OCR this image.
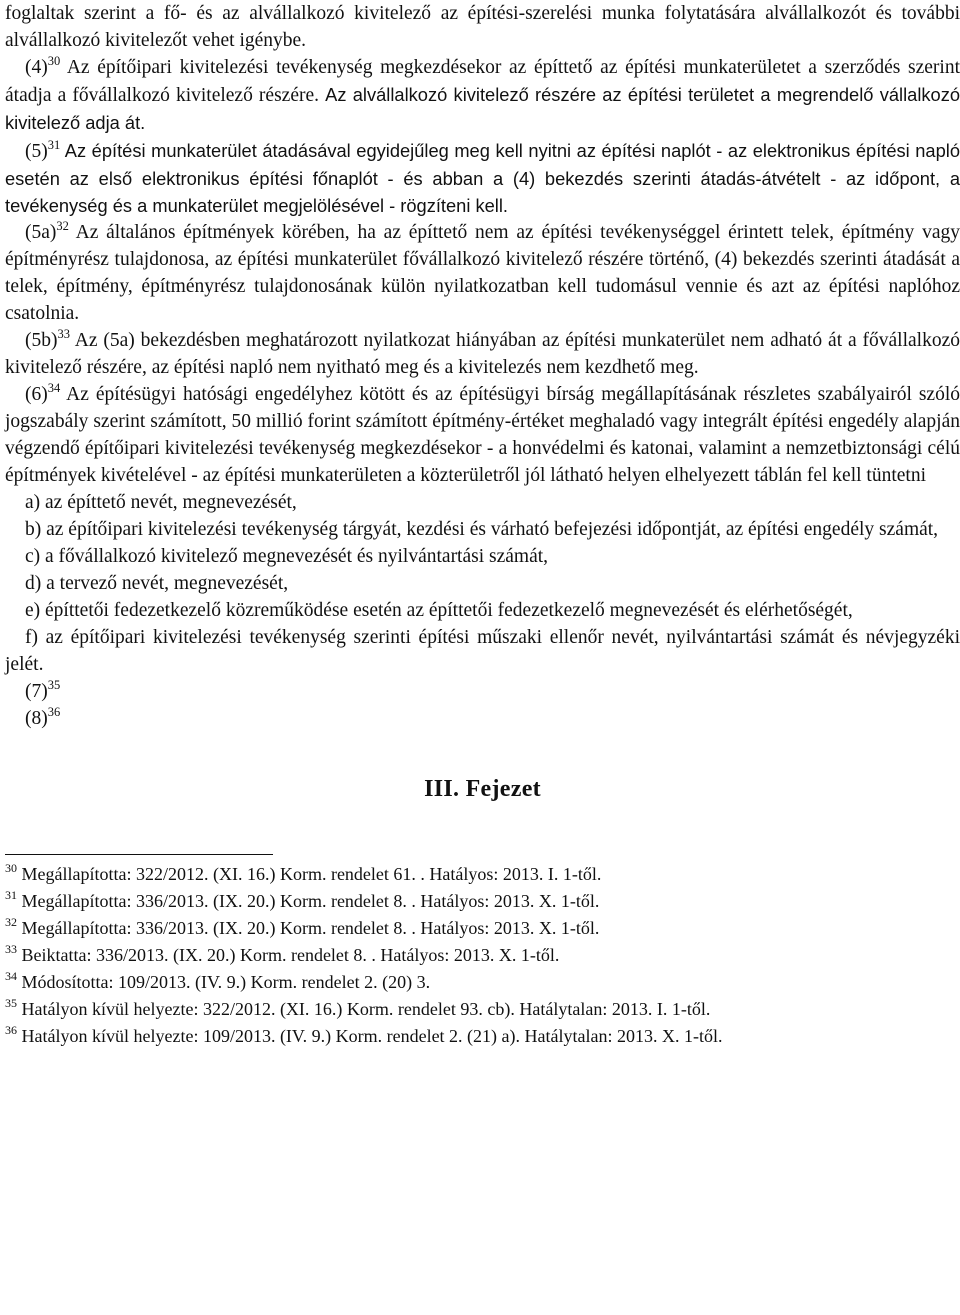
foglaltak szerint a fő- és az alvállalkozó kivitelező az építési-szerelési munka folytatására alvállalkozót és további alvállalkozó kivitelezőt vehet igénybe.

$(4)^{30}$ Az építőipari kivitelezési tevékenység megkezdésekor az építtető az építési munkaterületet a szerződés szerint átadja a fővállalkozó kivitelező részére. Az alvállalkozó kivitelező részére az építési területet a megrendelő vállalkozó kivitelező adja át.

$(5)^{31}$ Az építési munkaterület átadásával egyidejűleg meg kell nyitni az építési naplót - az elektronikus építési napló esetén az első elektronikus építési főnaplót - és abban a (4) bekezdés szerinti átadás-átvételt - az időpont, a tevékenység és a munkaterület megjelölésével - rögzíteni kell.

$(5a)^{32}$ Az általános építmények körében, ha az építtető nem az építési tevékenységgel érintett telek, építmény vagy építményrész tulajdonosa, az építési munkaterület fővállalkozó kivitelező részére történő, (4) bekezdés szerinti átadását a telek, építmény, építményrész tulajdonosának külön nyilatkozatban kell tudomásul vennie és azt az építési naplóhoz csatolnia.

$(5b)^{33}$ Az (5a) bekezdésben meghatározott nyilatkozat hiányában az építési munkaterület nem adható át a fővállalkozó kivitelező részére, az építési napló nem nyitható meg és a kivitelezés nem kezdhető meg.

$(6)^{34}$ Az építésügyi hatósági engedélyhez kötött és az építésügyi bírság megállapításának részletes szabályairól szóló jogszabály szerint számított, 50 millió forint számított építmény-értéket meghaladó vagy integrált építési engedély alapján végzendő építőipari kivitelezési tevékenység megkezdésekor - a honvédelmi és katonai, valamint a nemzetbiztonsági célú építmények kivételével - az építési munkaterületen a közterületről jól látható helyen elhelyezett táblán fel kell tüntetni

a) az építtető nevét, megnevezését,

b) az építőipari kivitelezési tevékenység tárgyát, kezdési és várható befejezési időpontját, az építési engedély számát,

c) a fővállalkozó kivitelező megnevezését és nyilvántartási számát,

d) a tervező nevét, megnevezését,

e) építtetői fedezetkezelő közreműködése esetén az építtetői fedezetkezelő megnevezését és elérhetőségét,

f) az építőipari kivitelezési tevékenység szerinti építési műszaki ellenőr nevét, nyilvántartási számát és névjegyzéki jelét.

$(7)^{35}$

$(8)^{36}$

III. Fejezet

$^{30}$ Megállapította: 322/2012. (XI. 16.) Korm. rendelet 61. . Hatályos: 2013. I. 1-től.

$^{31}$ Megállapította: 336/2013. (IX. 20.) Korm. rendelet 8. . Hatályos: 2013. X. 1-től.

$^{32}$ Megállapította: 336/2013. (IX. 20.) Korm. rendelet 8. . Hatályos: 2013. X. 1-től.

$^{33}$ Beiktatta: 336/2013. (IX. 20.) Korm. rendelet 8. . Hatályos: 2013. X. 1-től.

$^{34}$ Módosította: 109/2013. (IV. 9.) Korm. rendelet 2. (20) 3.

$^{35}$ Hatályon kívül helyezte: 322/2012. (XI. 16.) Korm. rendelet 93. cb). Hatálytalan: 2013. I. 1-től.

$^{36}$ Hatályon kívül helyezte: 109/2013. (IV. 9.) Korm. rendelet 2. (21) a). Hatálytalan: 2013. X. 1-től.
